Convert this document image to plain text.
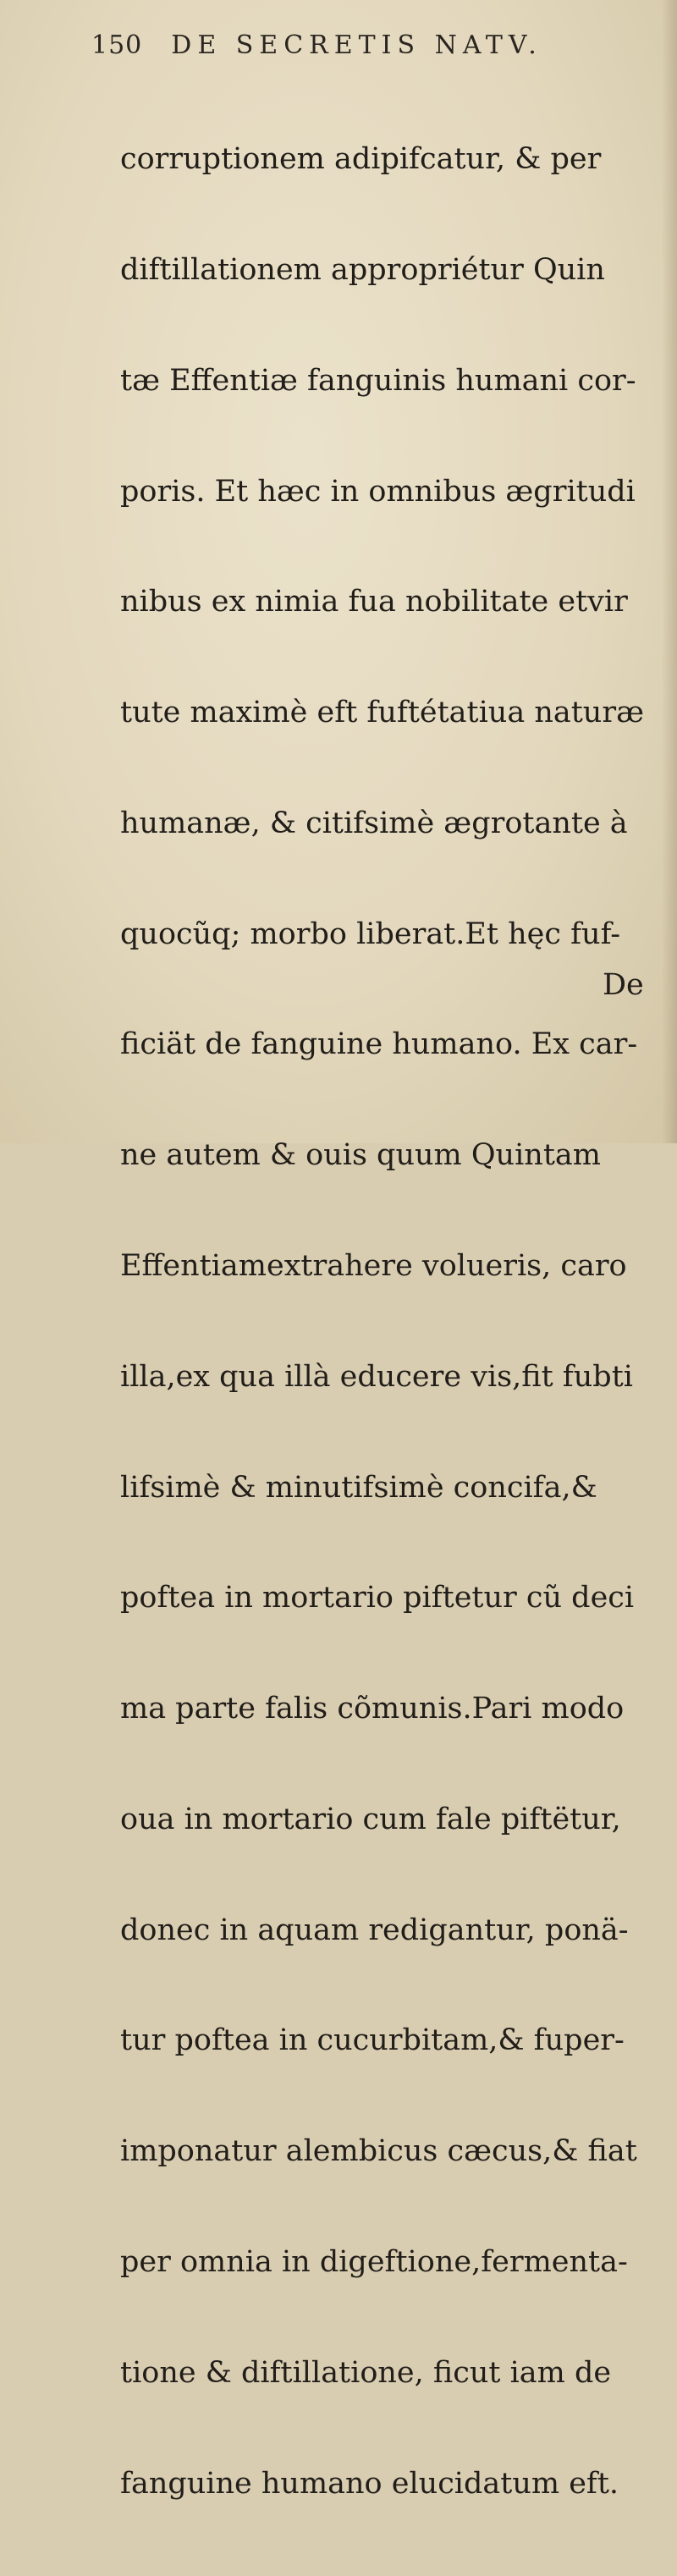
150 DE SECRETIS NATV.

corruptionem adipifcatur, & per

diftillationem appropriétur Quin

tæ Effentiæ fanguinis humani cor-

poris. Et hæc in omnibus ægritudi

nibus ex nimia fua nobilitate etvir

tute maximè eft fuftétatiua naturæ

humanæ, & citifsimè ægrotante à

quocũq; morbo liberat.Et hęc fuf-

ficiät de fanguine humano. Ex car-

ne autem & ouis quum Quintam

Effentiamextrahere volueris, caro

illa,ex qua illà educere vis,fit fubti

lifsimè & minutifsimè concifa,&

poftea in mortario piftetur cũ deci

ma parte falis cõmunis.Pari modo

oua in mortario cum fale piftëtur,

donec in aquam redigantur, ponä-

tur poftea in cucurbitam,& fuper-

imponatur alembicus cæcus,& fiat

per omnia in digeftione,fermenta-

tione & diftillatione, ficut iam de

fanguine humano elucidatum eft.

De
